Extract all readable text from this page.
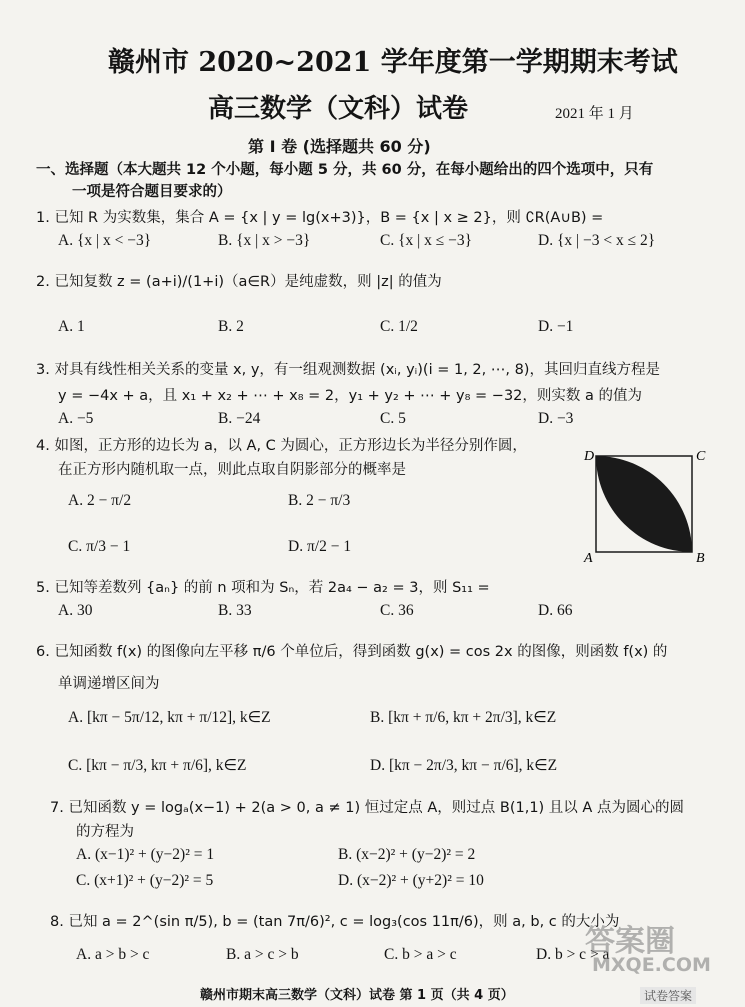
赣州市 2020~2021 学年度第一学期期末考试
高三数学（文科）试卷	2021 年 1 月
第 I 卷 (选择题共 60 分)
一、选择题（本大题共 12 个小题，每小题 5 分，共 60 分，在每小题给出的四个选项中，只有
一项是符合题目要求的）
1. 已知 R 为实数集，集合 A = {x | y = lg(x+3)}，B = {x | x ≥ 2}，则 ∁R(A∪B) =
A. {x | x < −3}	B. {x | x > −3}	C. {x | x ≤ −3}	D. {x | −3 < x ≤ 2}
2. 已知复数 z = (a+i)/(1+i)（a∈R）是纯虚数，则 |z| 的值为
A. 1	B. 2	C. 1/2	D. −1
3. 对具有线性相关关系的变量 x, y，有一组观测数据 (xᵢ, yᵢ)(i = 1, 2, ⋯, 8)，其回归直线方程是
y = −4x + a，且 x₁ + x₂ + ⋯ + x₈ = 2，y₁ + y₂ + ⋯ + y₈ = −32，则实数 a 的值为
A. −5	B. −24	C. 5	D. −3
4. 如图，正方形的边长为 a，以 A, C 为圆心，正方形边长为半径分别作圆，
在正方形内随机取一点，则此点取自阴影部分的概率是
A. 2 − π/2	B. 2 − π/3
C. π/3 − 1	D. π/2 − 1
D	C
A	B
5. 已知等差数列 {aₙ} 的前 n 项和为 Sₙ，若 2a₄ − a₂ = 3，则 S₁₁ =
A. 30	B. 33	C. 36	D. 66
6. 已知函数 f(x) 的图像向左平移 π/6 个单位后，得到函数 g(x) = cos 2x 的图像，则函数 f(x) 的
单调递增区间为
A. [kπ − 5π/12, kπ + π/12], k∈Z	B. [kπ + π/6, kπ + 2π/3], k∈Z
C. [kπ − π/3, kπ + π/6], k∈Z	D. [kπ − 2π/3, kπ − π/6], k∈Z
7. 已知函数 y = logₐ(x−1) + 2(a > 0, a ≠ 1) 恒过定点 A，则过点 B(1,1) 且以 A 点为圆心的圆
的方程为
A. (x−1)² + (y−2)² = 1	B. (x−2)² + (y−2)² = 2
C. (x+1)² + (y−2)² = 5	D. (x−2)² + (y+2)² = 10
8. 已知 a = 2^(sin π/5), b = (tan 7π/6)², c = log₃(cos 11π/6)，则 a, b, c 的大小为
A. a > b > c	B. a > c > b	C. b > a > c	D. b > c > a
赣州市期末高三数学（文科）试卷 第 1 页（共 4 页）
答案圈
MXQE.COM
试卷答案
